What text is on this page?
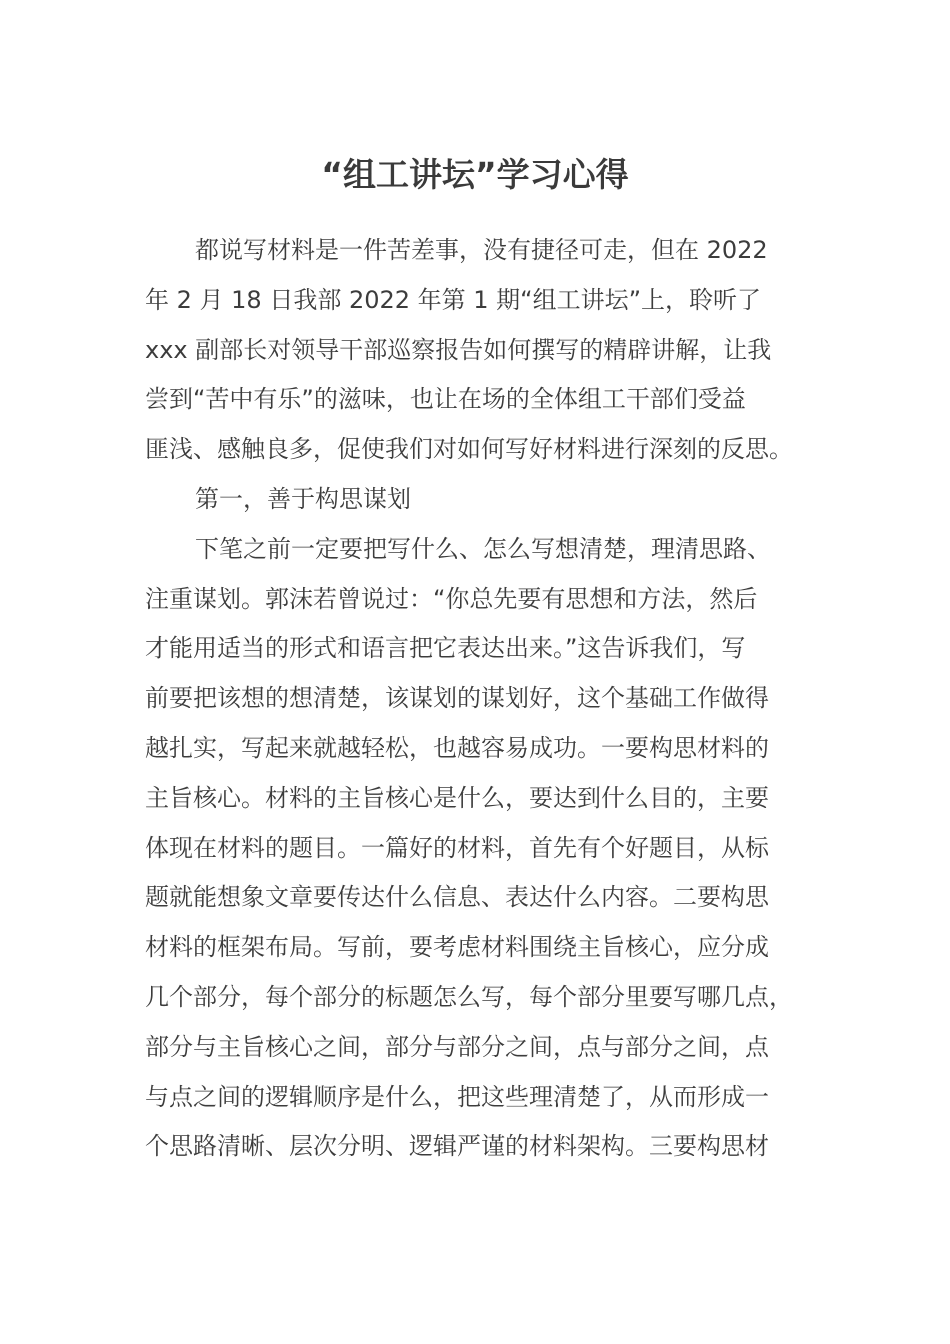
“组工讲坛”学习心得

都说写材料是一件苦差事，没有捷径可走，但在 2022

年 2 月 18 日我部 2022 年第 1 期“组工讲坛”上，聆听了

xxx 副部长对领导干部巡察报告如何撰写的精辟讲解，让我

尝到“苦中有乐”的滋味，也让在场的全体组工干部们受益

匪浅、感触良多，促使我们对如何写好材料进行深刻的反思。

第一，善于构思谋划

下笔之前一定要把写什么、怎么写想清楚，理清思路、

注重谋划。郭沫若曾说过：“你总先要有思想和方法，然后

才能用适当的形式和语言把它表达出来。”这告诉我们，写

前要把该想的想清楚，该谋划的谋划好，这个基础工作做得

越扎实，写起来就越轻松，也越容易成功。一要构思材料的

主旨核心。材料的主旨核心是什么，要达到什么目的，主要

体现在材料的题目。一篇好的材料，首先有个好题目，从标

题就能想象文章要传达什么信息、表达什么内容。二要构思

材料的框架布局。写前，要考虑材料围绕主旨核心，应分成

几个部分，每个部分的标题怎么写，每个部分里要写哪几点，

部分与主旨核心之间，部分与部分之间，点与部分之间，点

与点之间的逻辑顺序是什么，把这些理清楚了，从而形成一

个思路清晰、层次分明、逻辑严谨的材料架构。三要构思材
